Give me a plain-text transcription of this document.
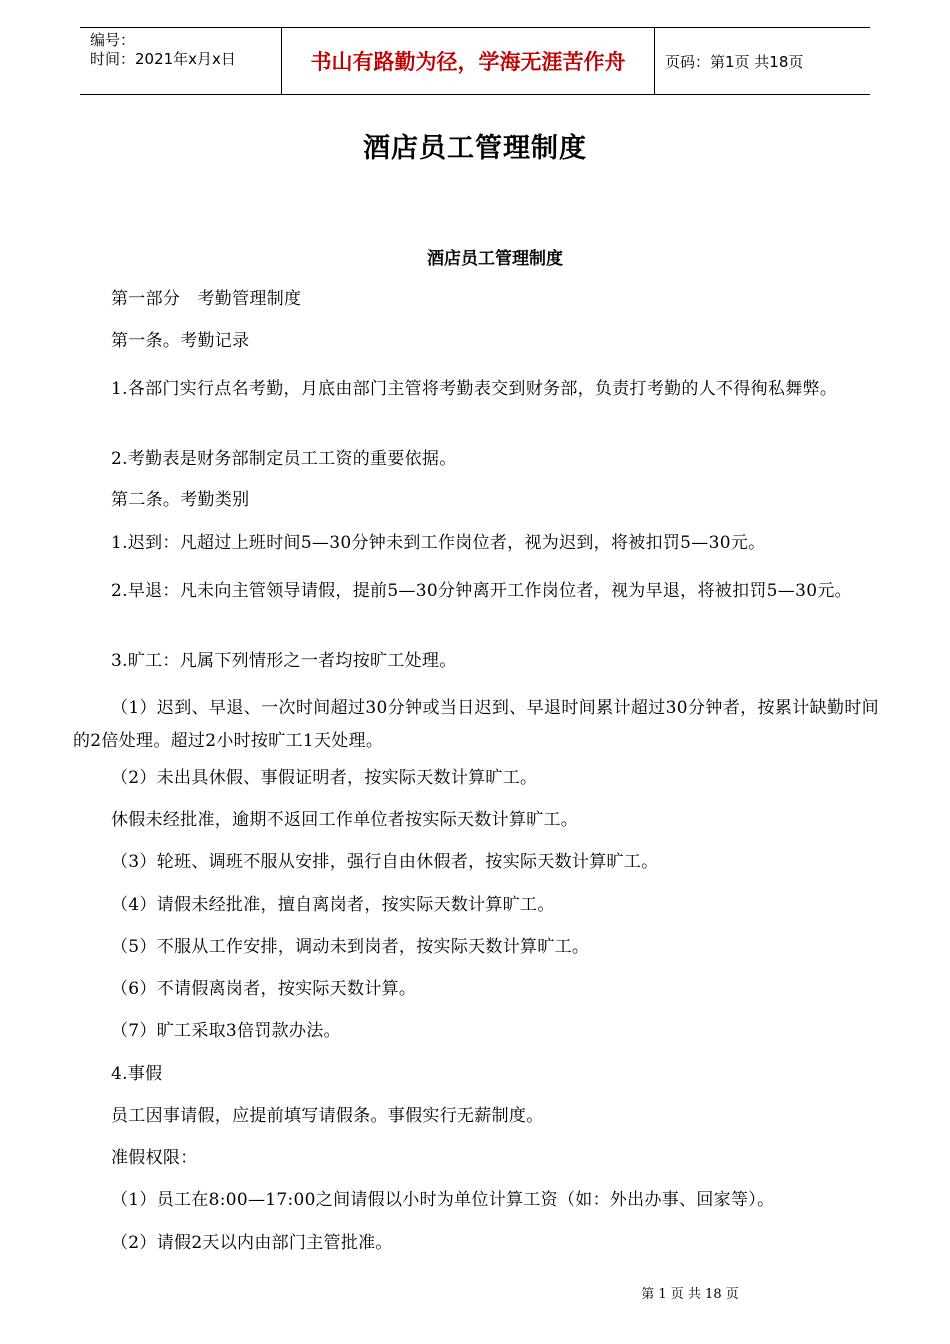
编号：
时间：2021年x月x日	书山有路勤为径，学海无涯苦作舟	页码：第1页 共18页
酒店员工管理制度
酒店员工管理制度
第一部分　考勤管理制度
第一条。考勤记录
1.各部门实行点名考勤，月底由部门主管将考勤表交到财务部，负责打考勤的人不得徇私舞弊。
2.考勤表是财务部制定员工工资的重要依据。
第二条。考勤类别
1.迟到：凡超过上班时间5—30分钟未到工作岗位者，视为迟到，将被扣罚5—30元。
2.早退：凡未向主管领导请假，提前5—30分钟离开工作岗位者，视为早退，将被扣罚5—30元。
3.旷工：凡属下列情形之一者均按旷工处理。
（1）迟到、早退、一次时间超过30分钟或当日迟到、早退时间累计超过30分钟者，按累计缺勤时间的2倍处理。超过2小时按旷工1天处理。
（2）未出具休假、事假证明者，按实际天数计算旷工。
休假未经批准，逾期不返回工作单位者按实际天数计算旷工。
（3）轮班、调班不服从安排，强行自由休假者，按实际天数计算旷工。
（4）请假未经批准，擅自离岗者，按实际天数计算旷工。
（5）不服从工作安排，调动未到岗者，按实际天数计算旷工。
（6）不请假离岗者，按实际天数计算。
（7）旷工采取3倍罚款办法。
4.事假
员工因事请假，应提前填写请假条。事假实行无薪制度。
准假权限：
（1）员工在8:00—17:00之间请假以小时为单位计算工资（如：外出办事、回家等）。
（2）请假2天以内由部门主管批准。
第 1 页 共 18 页
